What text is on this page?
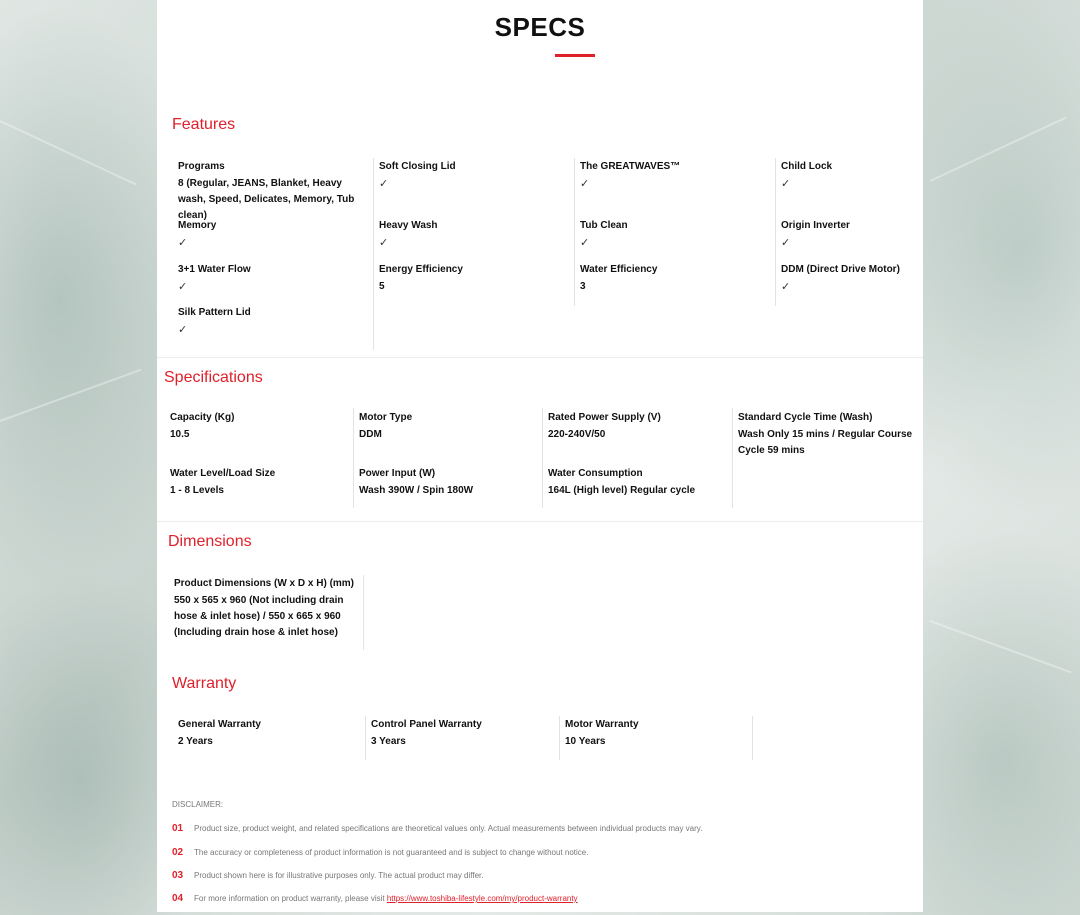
SPECS
Features
Programs
8 (Regular, JEANS, Blanket, Heavy wash, Speed, Delicates, Memory, Tub clean)
Soft Closing Lid
✓
The GREATWAVES™
✓
Child Lock
✓
Memory
✓
Heavy Wash
✓
Tub Clean
✓
Origin Inverter
✓
3+1 Water Flow
✓
Energy Efficiency
5
Water Efficiency
3
DDM (Direct Drive Motor)
✓
Silk Pattern Lid
✓
Specifications
Capacity (Kg)
10.5
Motor Type
DDM
Rated Power Supply (V)
220-240V/50
Standard Cycle Time (Wash)
Wash Only 15 mins / Regular Course Cycle 59 mins
Water Level/Load Size
1 - 8 Levels
Power Input (W)
Wash 390W / Spin 180W
Water Consumption
164L (High level) Regular cycle
Dimensions
Product Dimensions (W x D x H) (mm)
550 x 565 x 960 (Not including drain hose & inlet hose) / 550 x 665 x 960 (Including drain hose & inlet hose)
Warranty
General Warranty
2 Years
Control Panel Warranty
3 Years
Motor Warranty
10 Years
DISCLAIMER:
01 Product size, product weight, and related specifications are theoretical values only. Actual measurements between individual products may vary.
02 The accuracy or completeness of product information is not guaranteed and is subject to change without notice.
03 Product shown here is for illustrative purposes only. The actual product may differ.
04 For more information on product warranty, please visit https://www.toshiba-lifestyle.com/my/product-warranty
